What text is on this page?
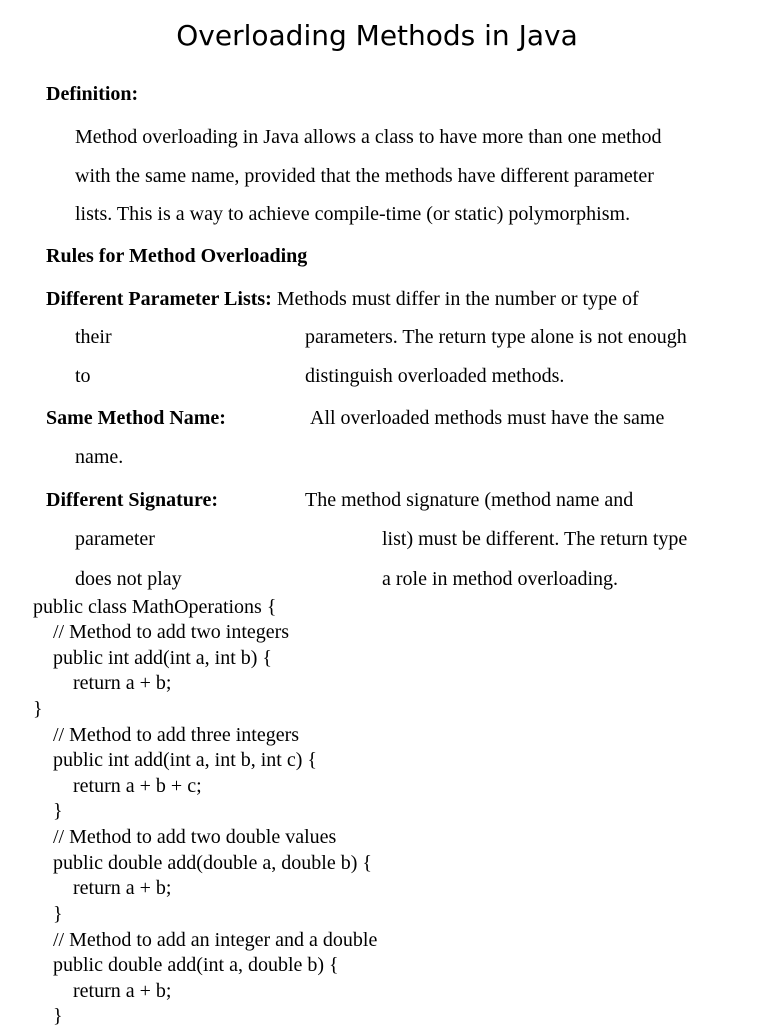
Overloading Methods in Java
Definition:
Method overloading in Java allows a class to have more than one method
with the same name, provided that the methods have different parameter
lists. This is a way to achieve compile-time (or static) polymorphism.
Rules for Method Overloading
Different Parameter Lists: Methods must differ in the number or type of
their	parameters. The return type alone is not enough
to	distinguish overloaded methods.
Same Method Name:	All overloaded methods must have the same
name.
Different Signature:	The method signature (method name and
parameter	list) must be different. The return type
does not play	a role in method overloading.
public class MathOperations {
// Method to add two integers
public int add(int a, int b) {
return a + b;
}
// Method to add three integers
public int add(int a, int b, int c) {
return a + b + c;
}
// Method to add two double values
public double add(double a, double b) {
return a + b;
}
// Method to add an integer and a double
public double add(int a, double b) {
return a + b;
}
